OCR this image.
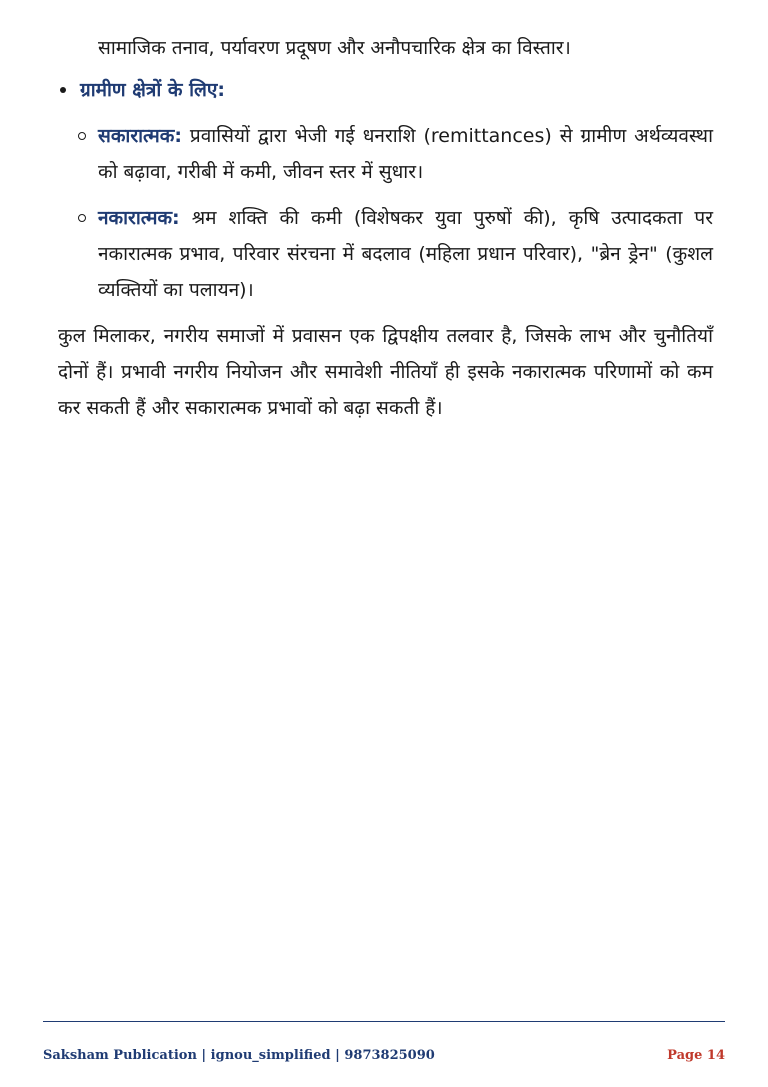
सामाजिक तनाव, पर्यावरण प्रदूषण और अनौपचारिक क्षेत्र का विस्तार।
ग्रामीण क्षेत्रों के लिए:
सकारात्मक: प्रवासियों द्वारा भेजी गई धनराशि (remittances) से ग्रामीण अर्थव्यवस्था को बढ़ावा, गरीबी में कमी, जीवन स्तर में सुधार।
नकारात्मक: श्रम शक्ति की कमी (विशेषकर युवा पुरुषों की), कृषि उत्पादकता पर नकारात्मक प्रभाव, परिवार संरचना में बदलाव (महिला प्रधान परिवार), "ब्रेन ड्रेन" (कुशल व्यक्तियों का पलायन)।
कुल मिलाकर, नगरीय समाजों में प्रवासन एक द्विपक्षीय तलवार है, जिसके लाभ और चुनौतियाँ दोनों हैं। प्रभावी नगरीय नियोजन और समावेशी नीतियाँ ही इसके नकारात्मक परिणामों को कम कर सकती हैं और सकारात्मक प्रभावों को बढ़ा सकती हैं।
Saksham Publication | ignou_simplified | 9873825090	Page 14
